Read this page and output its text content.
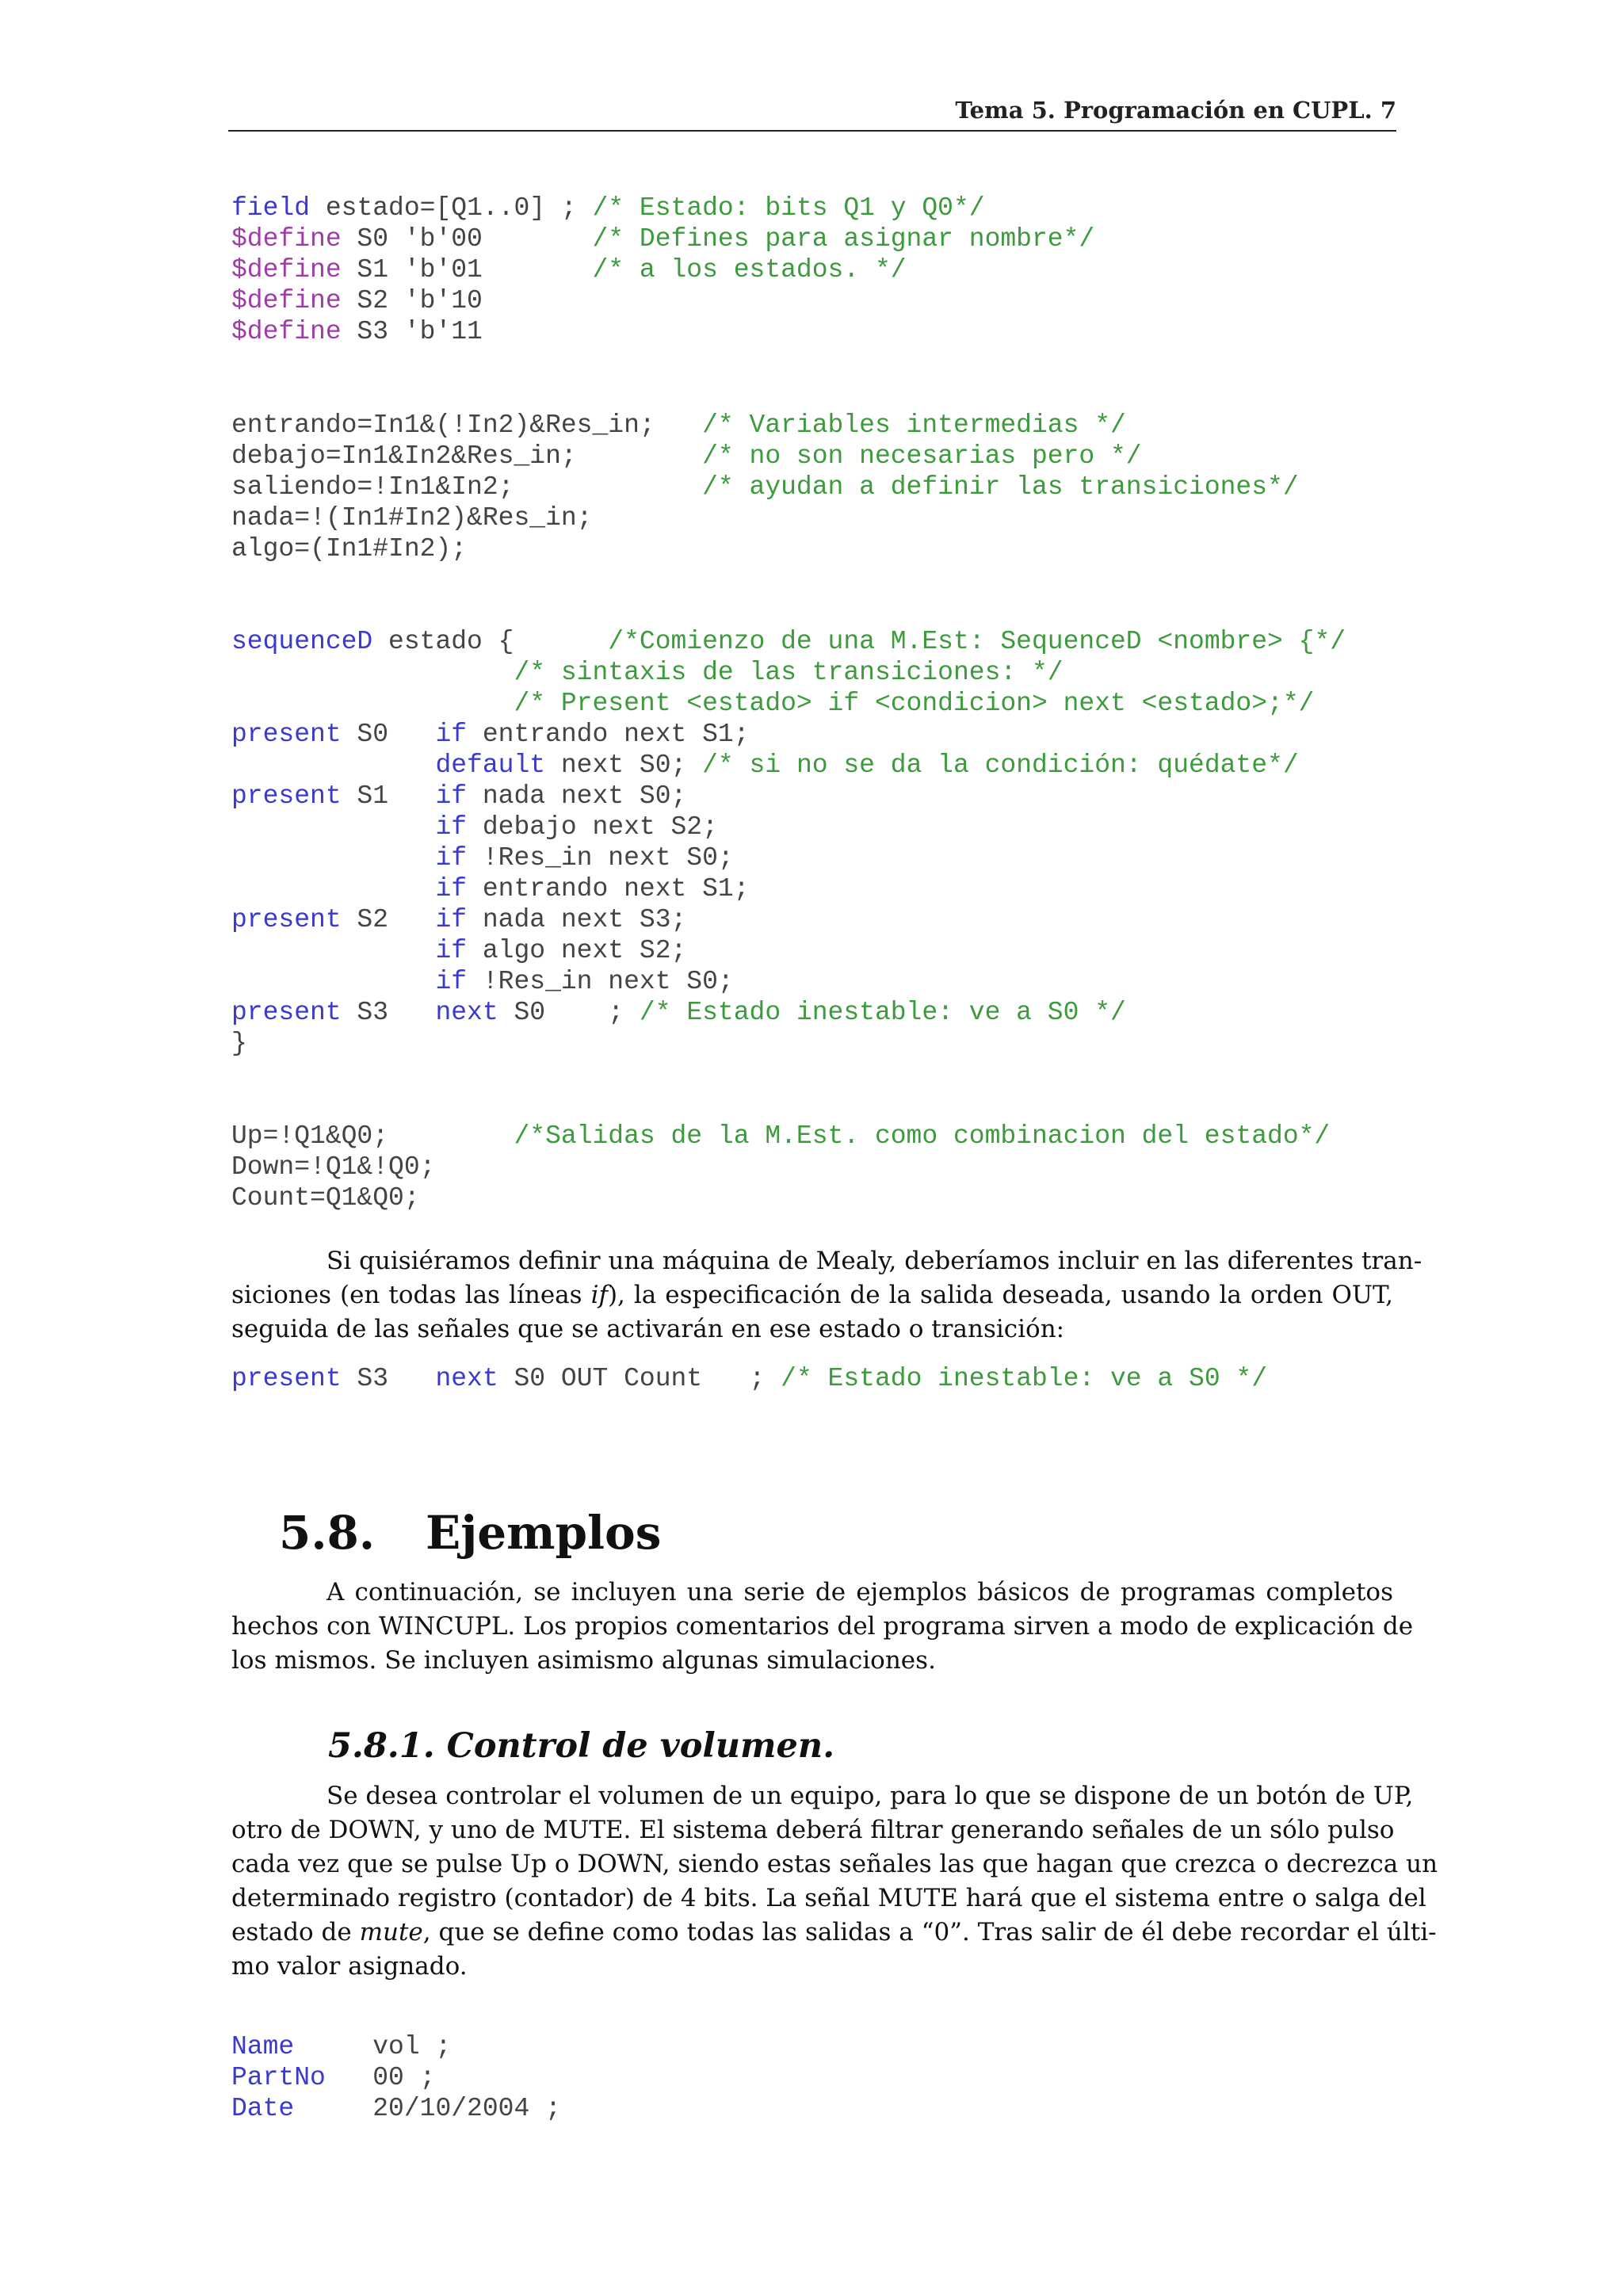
Tema 5. Programación en CUPL. 7
field estado=[Q1..0] ; /* Estado: bits Q1 y Q0*/
$define S0 'b'00       /* Defines para asignar nombre*/
$define S1 'b'01       /* a los estados. */
$define S2 'b'10
$define S3 'b'11
entrando=In1&(!In2)&Res_in;   /* Variables intermedias */
debajo=In1&In2&Res_in;        /* no son necesarias pero */
saliendo=!In1&In2;            /* ayudan a definir las transiciones*/
nada=!(In1#In2)&Res_in;
algo=(In1#In2);
sequenceD estado {      /*Comienzo de una M.Est: SequenceD <nombre> {*/
/* sintaxis de las transiciones: */
/* Present <estado> if <condicion> next <estado>;*/
present S0   if entrando next S1;
default next S0; /* si no se da la condición: quédate*/
present S1   if nada next S0;
if debajo next S2;
if !Res_in next S0;
if entrando next S1;
present S2   if nada next S3;
if algo next S2;
if !Res_in next S0;
present S3   next S0    ; /* Estado inestable: ve a S0 */
}
Up=!Q1&Q0;        /*Salidas de la M.Est. como combinacion del estado*/
Down=!Q1&!Q0;
Count=Q1&Q0;
Si quisiéramos definir una máquina de Mealy, deberíamos incluir en las diferentes tran-
siciones (en todas las líneas if), la especificación de la salida deseada, usando la orden OUT,
seguida de las señales que se activarán en ese estado o transición:
present S3   next S0 OUT Count   ; /* Estado inestable: ve a S0 */
5.8. Ejemplos
A continuación, se incluyen una serie de ejemplos básicos de programas completos
hechos con WINCUPL. Los propios comentarios del programa sirven a modo de explicación de
los mismos. Se incluyen asimismo algunas simulaciones.
5.8.1. Control de volumen.
Se desea controlar el volumen de un equipo, para lo que se dispone de un botón de UP,
otro de DOWN, y uno de MUTE. El sistema deberá filtrar generando señales de un sólo pulso
cada vez que se pulse Up o DOWN, siendo estas señales las que hagan que crezca o decrezca un
determinado registro (contador) de 4 bits. La señal MUTE hará que el sistema entre o salga del
estado de mute, que se define como todas las salidas a “0”. Tras salir de él debe recordar el últi-
mo valor asignado.
Name     vol ;
PartNo   00 ;
Date     20/10/2004 ;
